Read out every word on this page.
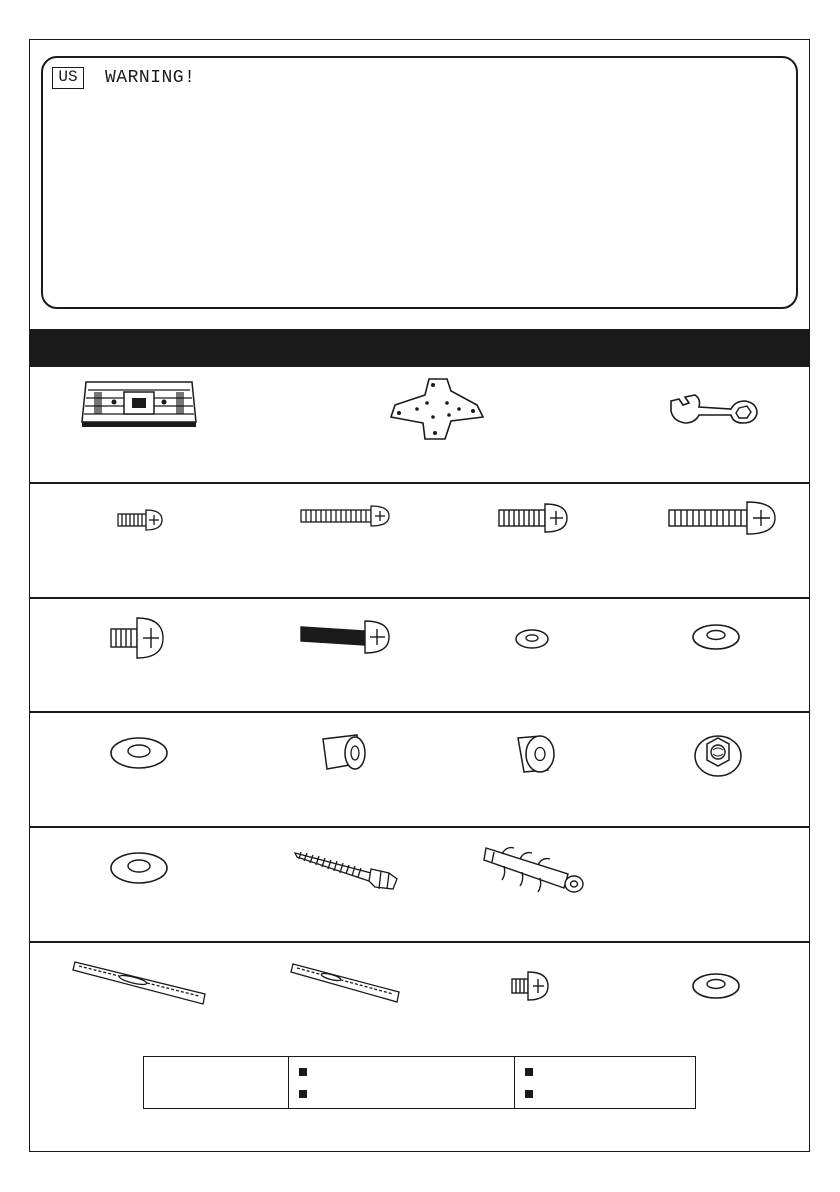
US	WARNING!
